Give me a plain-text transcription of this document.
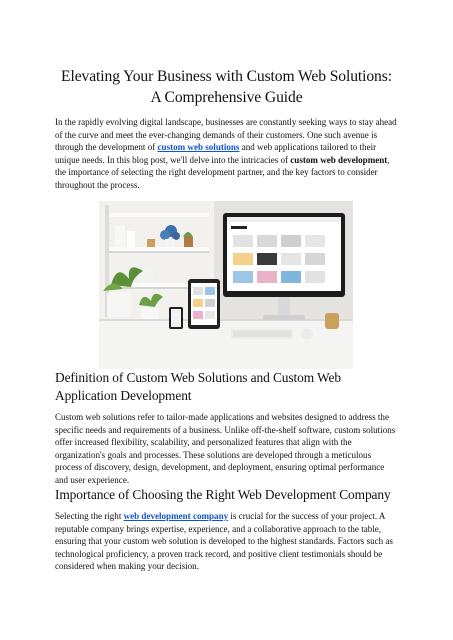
Elevating Your Business with Custom Web Solutions: A Comprehensive Guide

In the rapidly evolving digital landscape, businesses are constantly seeking ways to stay ahead of the curve and meet the ever-changing demands of their customers. One such avenue is through the development of custom web solutions and web applications tailored to their unique needs. In this blog post, we'll delve into the intricacies of custom web development, the importance of selecting the right development partner, and the key factors to consider throughout the process.

Definition of Custom Web Solutions and Custom Web Application Development

Custom web solutions refer to tailor-made applications and websites designed to address the specific needs and requirements of a business. Unlike off-the-shelf software, custom solutions offer increased flexibility, scalability, and personalized features that align with the organization's goals and processes. These solutions are developed through a meticulous process of discovery, design, development, and deployment, ensuring optimal performance and user experience.

Importance of Choosing the Right Web Development Company

Selecting the right web development company is crucial for the success of your project. A reputable company brings expertise, experience, and a collaborative approach to the table, ensuring that your custom web solution is developed to the highest standards. Factors such as technological proficiency, a proven track record, and positive client testimonials should be considered when making your decision.
